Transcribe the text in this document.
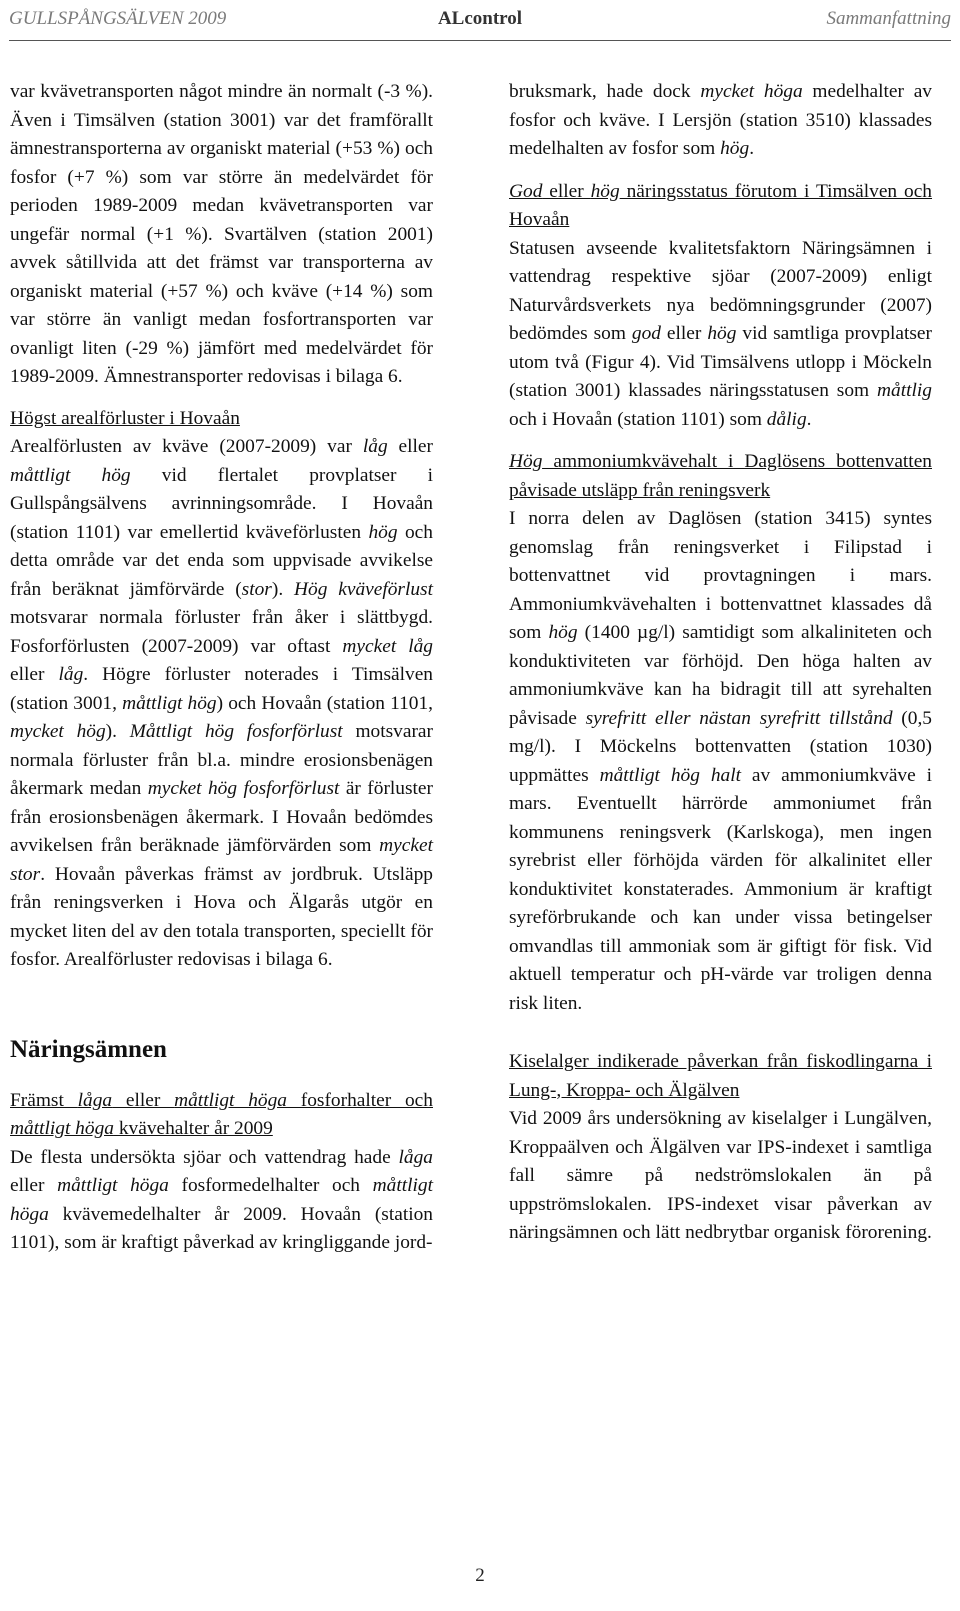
GULLSPÅNGSÄLVEN 2009	ALcontrol	Sammanfattning

var kvävetransporten något mindre än normalt (-3 %). Även i Timsälven (station 3001) var det framförallt ämnestransporterna av organiskt material (+53 %) och fosfor (+7 %) som var större än medelvärdet för perioden 1989-2009 medan kvävetransporten var ungefär normal (+1 %). Svartälven (station 2001) avvek såtillvida att det främst var transporterna av organiskt material (+57 %) och kväve (+14 %) som var större än vanligt medan fosfortransporten var ovanligt liten (-29 %) jämfört med medelvärdet för 1989-2009. Ämnestransporter redovisas i bilaga 6.

Högst arealförluster i Hovaån

Arealförlusten av kväve (2007-2009) var låg eller måttligt hög vid flertalet provplatser i Gullspångsälvens avrinningsområde. I Hovaån (station 1101) var emellertid kväveförlusten hög och detta område var det enda som uppvisade avvikelse från beräknat jämförvärde (stor). Hög kväveförlust motsvarar normala förluster från åker i slättbygd. Fosforförlusten (2007-2009) var oftast mycket låg eller låg. Högre förluster noterades i Timsälven (station 3001, måttligt hög) och Hovaån (station 1101, mycket hög). Måttligt hög fosforförlust motsvarar normala förluster från bl.a. mindre erosionsbenägen åkermark medan mycket hög fosforförlust är förluster från erosionsbenägen åkermark. I Hovaån bedömdes avvikelsen från beräknade jämförvärden som mycket stor. Hovaån påverkas främst av jordbruk. Utsläpp från reningsverken i Hova och Älgarås utgör en mycket liten del av den totala transporten, speciellt för fosfor. Arealförluster redovisas i bilaga 6.

Näringsämnen

Främst låga eller måttligt höga fosforhalter och måttligt höga kvävehalter år 2009

De flesta undersökta sjöar och vattendrag hade låga eller måttligt höga fosformedelhalter och måttligt höga kvävemedelhalter år 2009. Hovaån (station 1101), som är kraftigt påverkad av kringliggande jord-

bruksmark, hade dock mycket höga medelhalter av fosfor och kväve. I Lersjön (station 3510) klassades medelhalten av fosfor som hög.

God eller hög näringsstatus förutom i Timsälven och Hovaån

Statusen avseende kvalitetsfaktorn Näringsämnen i vattendrag respektive sjöar (2007-2009) enligt Naturvårdsverkets nya bedömningsgrunder (2007) bedömdes som god eller hög vid samtliga provplatser utom två (Figur 4). Vid Timsälvens utlopp i Möckeln (station 3001) klassades näringsstatusen som måttlig och i Hovaån (station 1101) som dålig.

Hög ammoniumkvävehalt i Daglösens bottenvatten påvisade utsläpp från reningsverk

I norra delen av Daglösen (station 3415) syntes genomslag från reningsverket i Filipstad i bottenvattnet vid provtagningen i mars. Ammoniumkvävehalten i bottenvattnet klassades då som hög (1400 µg/l) samtidigt som alkaliniteten och konduktiviteten var förhöjd. Den höga halten av ammoniumkväve kan ha bidragit till att syrehalten påvisade syrefritt eller nästan syrefritt tillstånd (0,5 mg/l). I Möckelns bottenvatten (station 1030) uppmättes måttligt hög halt av ammoniumkväve i mars. Eventuellt härrörde ammoniumet från kommunens reningsverk (Karlskoga), men ingen syrebrist eller förhöjda värden för alkalinitet eller konduktivitet konstaterades. Ammonium är kraftigt syreförbrukande och kan under vissa betingelser omvandlas till ammoniak som är giftigt för fisk. Vid aktuell temperatur och pH-värde var troligen denna risk liten.

Kiselalger indikerade påverkan från fiskodlingarna i Lung-, Kroppa- och Älgälven

Vid 2009 års undersökning av kiselalger i Lungälven, Kroppaälven och Älgälven var IPS-indexet i samtliga fall sämre på nedströmslokalen än på uppströmslokalen. IPS-indexet visar påverkan av näringsämnen och lätt nedbrytbar organisk förorening.

2
